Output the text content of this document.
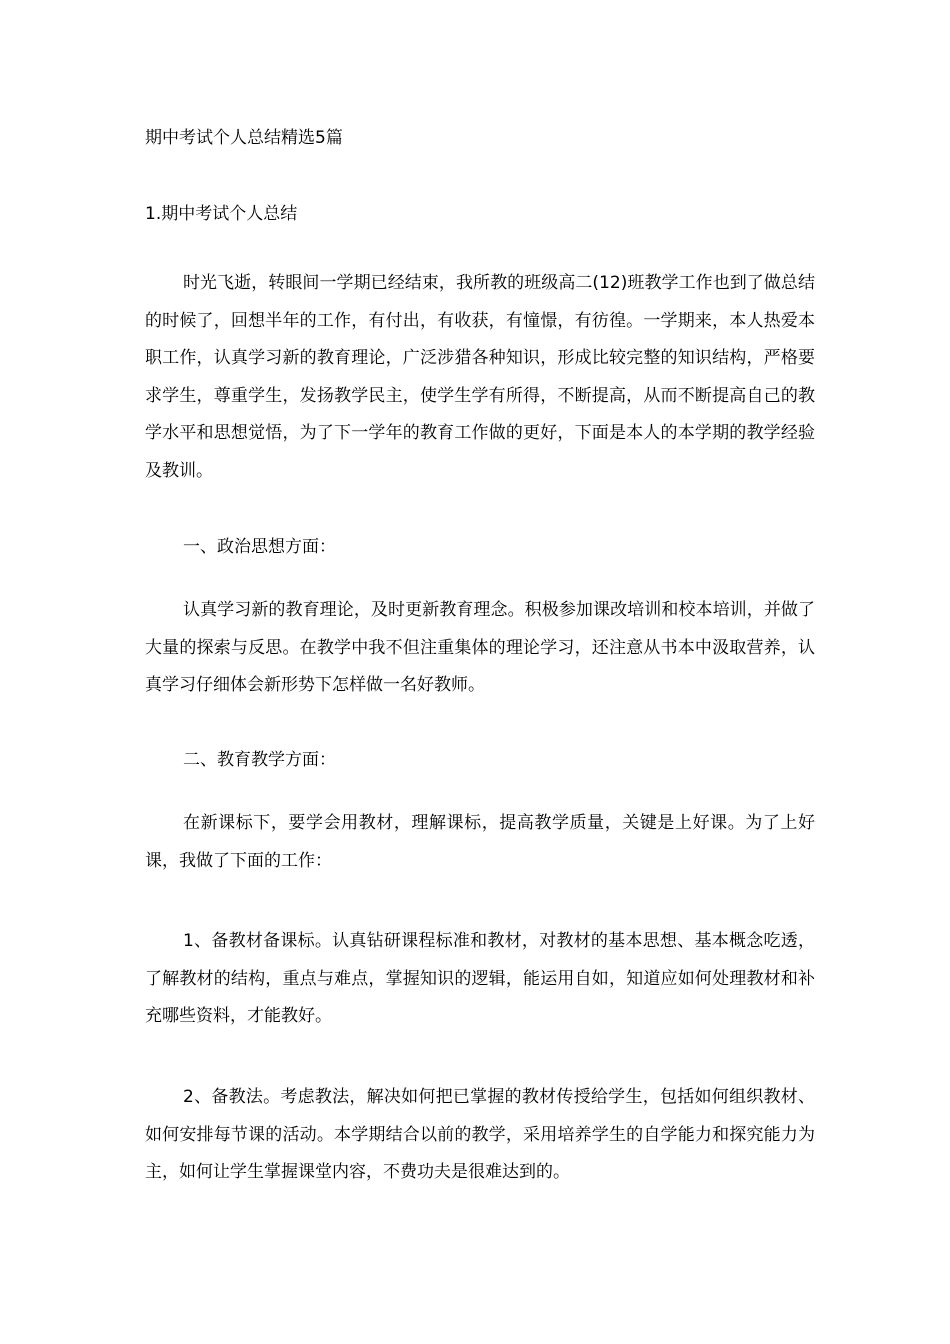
期中考试个人总结精选5篇
1.期中考试个人总结

时光飞逝，转眼间一学期已经结束，我所教的班级高二(12)班教学工作也到了做总结的时候了，回想半年的工作，有付出，有收获，有憧憬，有彷徨。一学期来，本人热爱本职工作，认真学习新的教育理论，广泛涉猎各种知识，形成比较完整的知识结构，严格要求学生，尊重学生，发扬教学民主，使学生学有所得，不断提高，从而不断提高自己的教学水平和思想觉悟，为了下一学年的教育工作做的更好，下面是本人的本学期的教学经验及教训。

一、政治思想方面：

认真学习新的教育理论，及时更新教育理念。积极参加课改培训和校本培训，并做了大量的探索与反思。在教学中我不但注重集体的理论学习，还注意从书本中汲取营养，认真学习仔细体会新形势下怎样做一名好教师。

二、教育教学方面：

在新课标下，要学会用教材，理解课标，提高教学质量，关键是上好课。为了上好课，我做了下面的工作：

1、备教材备课标。认真钻研课程标准和教材，对教材的基本思想、基本概念吃透，了解教材的结构，重点与难点，掌握知识的逻辑，能运用自如，知道应如何处理教材和补充哪些资料，才能教好。

2、备教法。考虑教法，解决如何把已掌握的教材传授给学生，包括如何组织教材、如何安排每节课的活动。本学期结合以前的教学，采用培养学生的自学能力和探究能力为主，如何让学生掌握课堂内容，不费功夫是很难达到的。
